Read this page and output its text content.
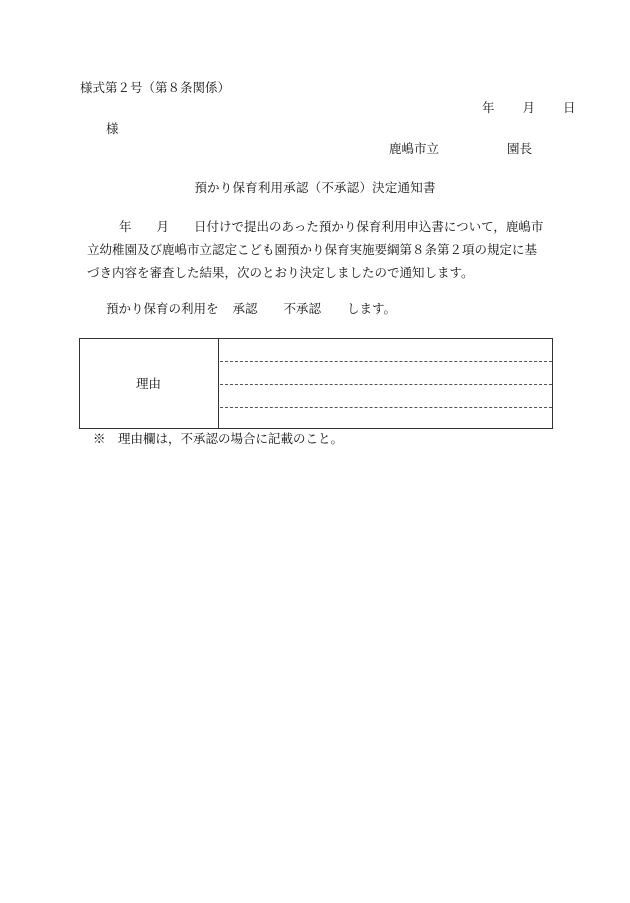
様式第２号（第８条関係）
年 月 日
様
鹿嶋市立	園長
預かり保育利用承認（不承認）決定通知書
年　　月　　日付けで提出のあった預かり保育利用申込書について，鹿嶋市
立幼稚園及び鹿嶋市立認定こども園預かり保育実施要綱第８条第２項の規定に基
づき内容を審査した結果，次のとおり決定しましたので通知します。
預かり保育の利用を 承認 不承認 します。
理由
※　理由欄は，不承認の場合に記載のこと。
